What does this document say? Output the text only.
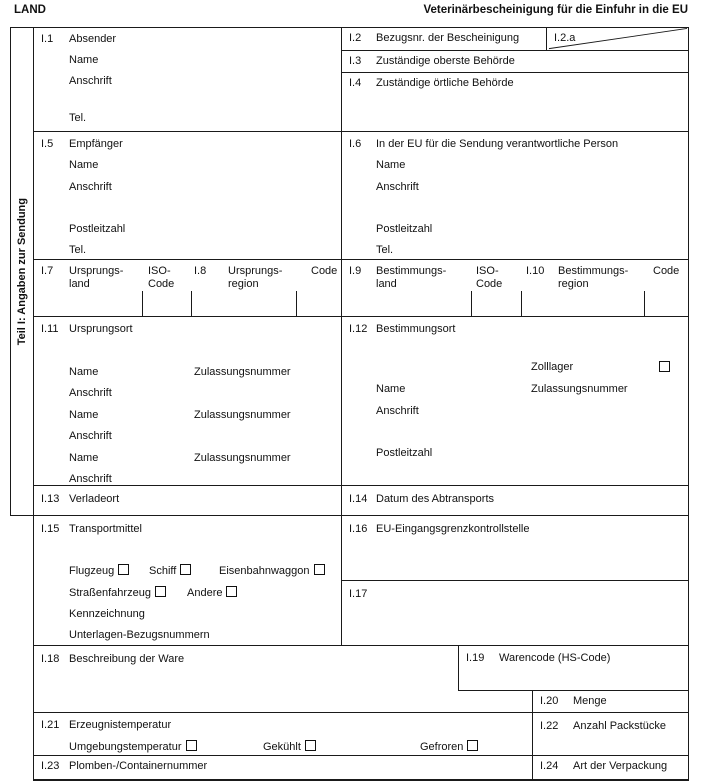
LAND	Veterinärbescheinigung für die Einfuhr in die EU
Teil I: Angaben zur Sendung
I.1 Absender
Name
Anschrift
Tel.
I.2 Bezugsnr. der Bescheinigung	I.2.a
I.3 Zuständige oberste Behörde
I.4 Zuständige örtliche Behörde
I.5 Empfänger
Name
Anschrift
Postleitzahl
Tel.
I.6 In der EU für die Sendung verantwortliche Person
Name
Anschrift
Postleitzahl
Tel.
I.7 Ursprungs-
land
ISO-
Code
I.8 Ursprungs-
region
Code I.9 Bestimmungs-
land
ISO-
Code
I.10 Bestimmungs-
region
Code
I.11 Ursprungsort
Name	Zulassungsnummer
Anschrift
Name	Zulassungsnummer
Anschrift
Name	Zulassungsnummer
Anschrift
I.12 Bestimmungsort
Zolllager
Name	Zulassungsnummer
Anschrift
Postleitzahl
I.13 Verladeort	I.14 Datum des Abtransports
I.15 Transportmittel
Flugzeug	Schiff	Eisenbahnwaggon
Straßenfahrzeug	Andere
Kennzeichnung
Unterlagen-Bezugsnummern
I.16 EU-Eingangsgrenzkontrollstelle
I.17
I.18 Beschreibung der Ware	I.19 Warencode (HS-Code)
I.20 Menge
I.21 Erzeugnistemperatur
Umgebungstemperatur	Gekühlt	Gefroren
I.22 Anzahl Packstücke
I.23 Plomben-/Containernummer	I.24 Art der Verpackung
